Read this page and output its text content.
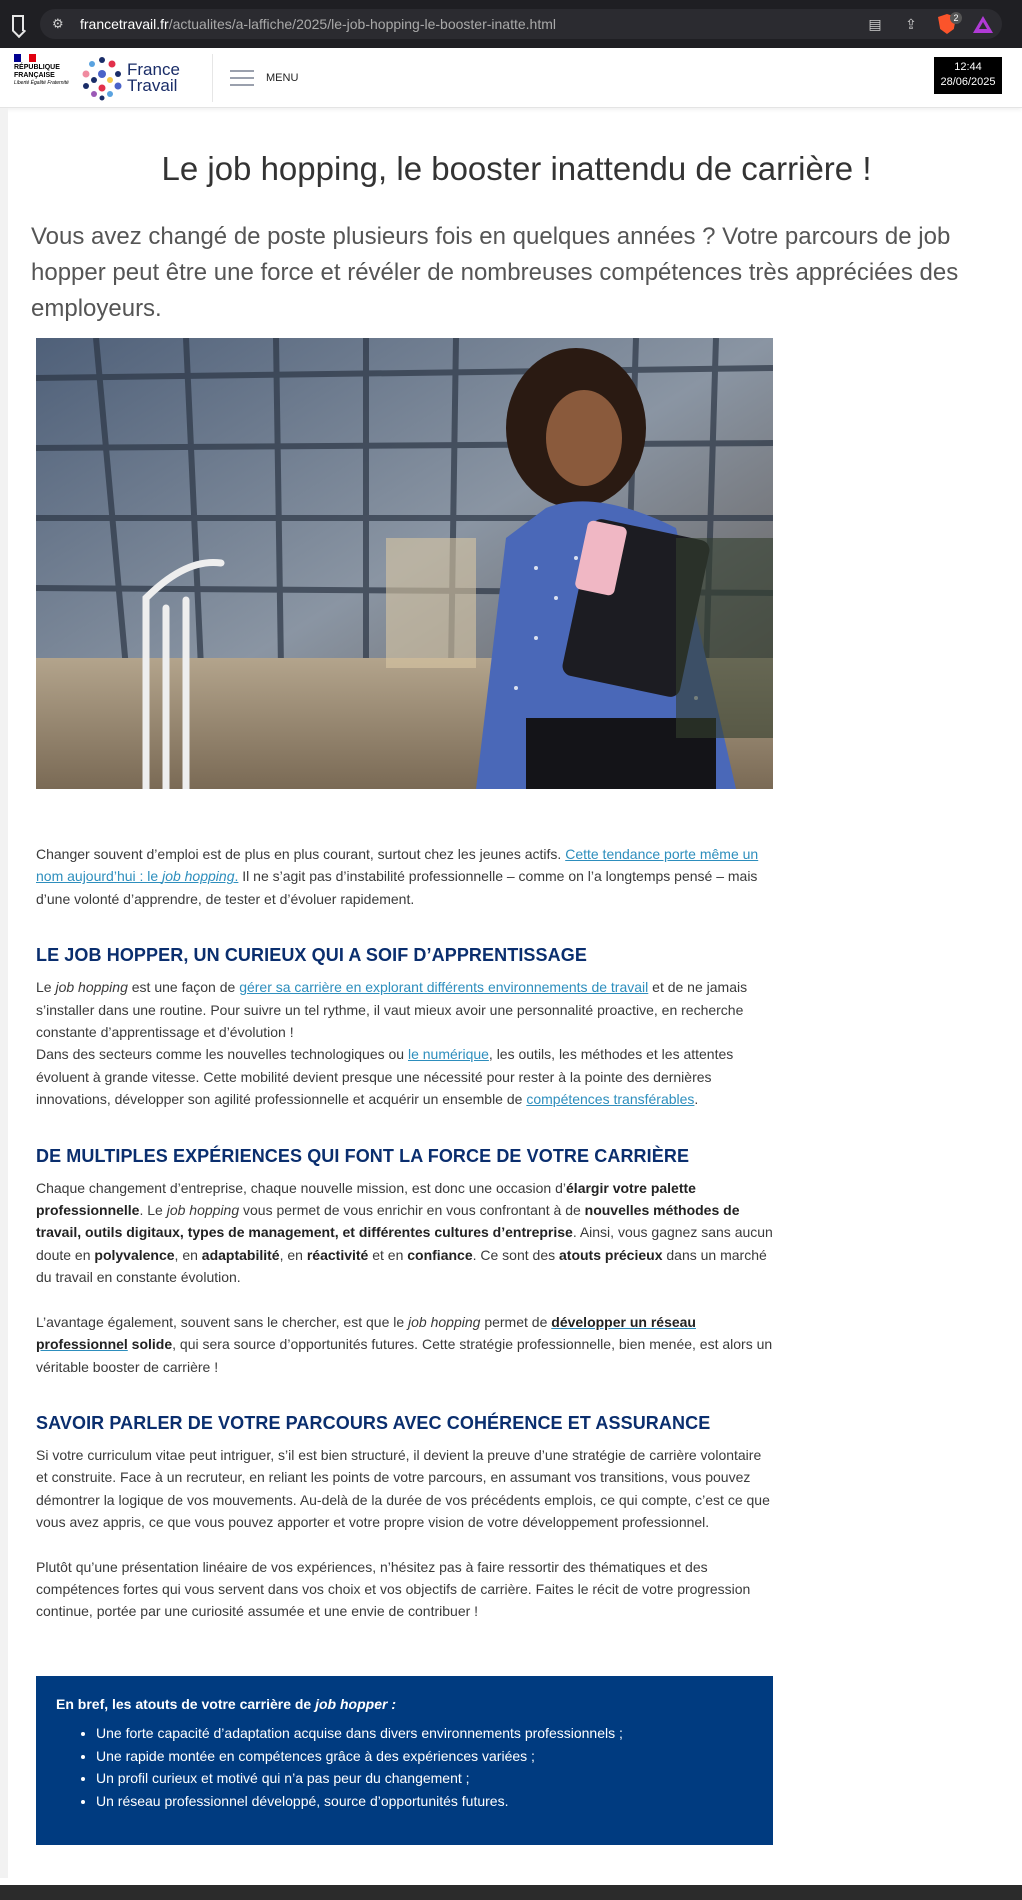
⚙ francetravail.fr/actualites/a-laffiche/2025/le-job-hopping-le-booster-inatte.html	▤	⇪	2
RÉPUBLIQUE
FRANÇAISE
Liberté Égalité Fraternité
France
Travail	MENU
12:44
28/06/2025
Le job hopping, le booster inattendu de carrière !

Vous avez changé de poste plusieurs fois en quelques années ? Votre parcours de job hopper peut être une force et révéler de nombreuses compétences très appréciées des employeurs.

Changer souvent d’emploi est de plus en plus courant, surtout chez les jeunes actifs. Cette tendance porte même un nom aujourd’hui : le job hopping. Il ne s’agit pas d’instabilité professionnelle – comme on l’a longtemps pensé – mais d’une volonté d’apprendre, de tester et d’évoluer rapidement.

LE JOB HOPPER, UN CURIEUX QUI A SOIF D’APPRENTISSAGE

Le job hopping est une façon de gérer sa carrière en explorant différents environnements de travail et de ne jamais s’installer dans une routine. Pour suivre un tel rythme, il vaut mieux avoir une personnalité proactive, en recherche constante d’apprentissage et d’évolution !
Dans des secteurs comme les nouvelles technologiques ou le numérique, les outils, les méthodes et les attentes évoluent à grande vitesse. Cette mobilité devient presque une nécessité pour rester à la pointe des dernières innovations, développer son agilité professionnelle et acquérir un ensemble de compétences transférables.

DE MULTIPLES EXPÉRIENCES QUI FONT LA FORCE DE VOTRE CARRIÈRE

Chaque changement d’entreprise, chaque nouvelle mission, est donc une occasion d’élargir votre palette professionnelle. Le job hopping vous permet de vous enrichir en vous confrontant à de nouvelles méthodes de travail, outils digitaux, types de management, et différentes cultures d’entreprise. Ainsi, vous gagnez sans aucun doute en polyvalence, en adaptabilité, en réactivité et en confiance. Ce sont des atouts précieux dans un marché du travail en constante évolution.

L’avantage également, souvent sans le chercher, est que le job hopping permet de développer un réseau professionnel solide, qui sera source d’opportunités futures. Cette stratégie professionnelle, bien menée, est alors un véritable booster de carrière !

SAVOIR PARLER DE VOTRE PARCOURS AVEC COHÉRENCE ET ASSURANCE

Si votre curriculum vitae peut intriguer, s’il est bien structuré, il devient la preuve d’une stratégie de carrière volontaire et construite. Face à un recruteur, en reliant les points de votre parcours, en assumant vos transitions, vous pouvez démontrer la logique de vos mouvements. Au-delà de la durée de vos précédents emplois, ce qui compte, c’est ce que vous avez appris, ce que vous pouvez apporter et votre propre vision de votre développement professionnel.

Plutôt qu’une présentation linéaire de vos expériences, n’hésitez pas à faire ressortir des thématiques et des compétences fortes qui vous servent dans vos choix et vos objectifs de carrière. Faites le récit de votre progression continue, portée par une curiosité assumée et une envie de contribuer !

En bref, les atouts de votre carrière de job hopper :
• Une forte capacité d’adaptation acquise dans divers environnements professionnels ;
• Une rapide montée en compétences grâce à des expériences variées ;
• Un profil curieux et motivé qui n’a pas peur du changement ;
• Un réseau professionnel développé, source d’opportunités futures.
